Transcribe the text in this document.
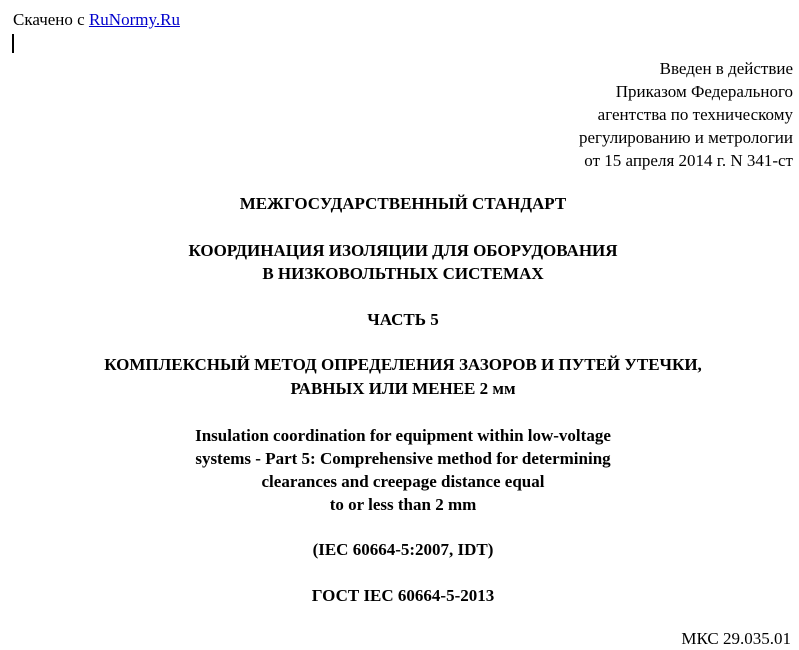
Скачено с RuNormy.Ru
Введен в действие
Приказом Федерального
агентства по техническому
регулированию и метрологии
от 15 апреля 2014 г. N 341-ст
МЕЖГОСУДАРСТВЕННЫЙ СТАНДАРТ
КООРДИНАЦИЯ ИЗОЛЯЦИИ ДЛЯ ОБОРУДОВАНИЯ
В НИЗКОВОЛЬТНЫХ СИСТЕМАХ
ЧАСТЬ 5
КОМПЛЕКСНЫЙ МЕТОД ОПРЕДЕЛЕНИЯ ЗАЗОРОВ И ПУТЕЙ УТЕЧКИ,
РАВНЫХ ИЛИ МЕНЕЕ 2 мм
Insulation coordination for equipment within low-voltage
systems - Part 5: Comprehensive method for determining
clearances and creepage distance equal
to or less than 2 mm
(IEC 60664-5:2007, IDT)
ГОСТ IEC 60664-5-2013
МКС 29.035.01
